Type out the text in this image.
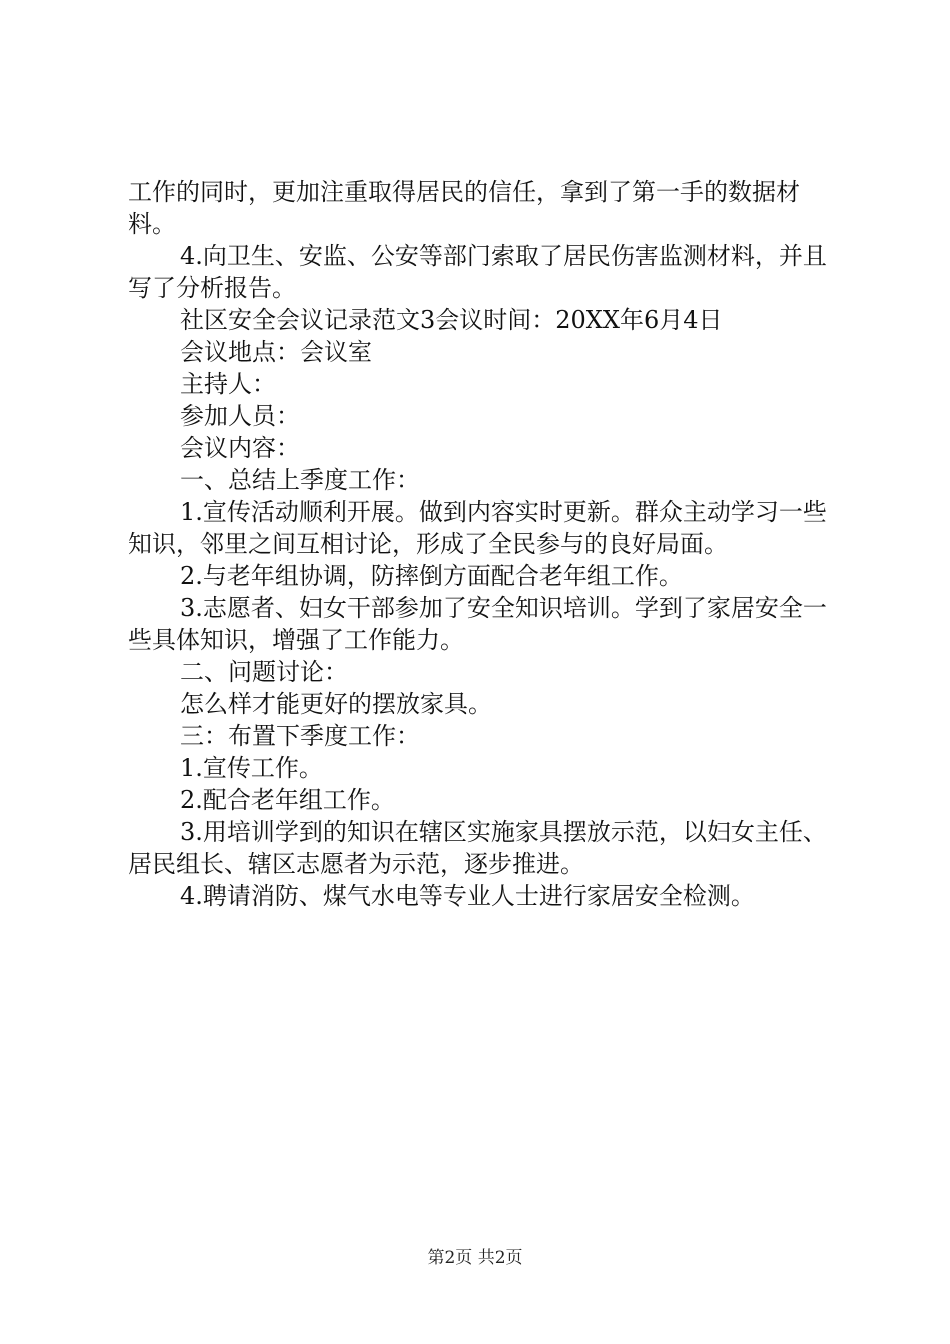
工作的同时，更加注重取得居民的信任，拿到了第一手的数据材料。

4.向卫生、安监、公安等部门索取了居民伤害监测材料，并且写了分析报告。

社区安全会议记录范文3会议时间：20XX年6月4日

会议地点：会议室

主持人：

参加人员：

会议内容：

一、总结上季度工作：

1.宣传活动顺利开展。做到内容实时更新。群众主动学习一些知识，邻里之间互相讨论，形成了全民参与的良好局面。

2.与老年组协调，防摔倒方面配合老年组工作。

3.志愿者、妇女干部参加了安全知识培训。学到了家居安全一些具体知识，增强了工作能力。

二、问题讨论：

怎么样才能更好的摆放家具。

三：布置下季度工作：

1.宣传工作。

2.配合老年组工作。

3.用培训学到的知识在辖区实施家具摆放示范，以妇女主任、居民组长、辖区志愿者为示范，逐步推进。

4.聘请消防、煤气水电等专业人士进行家居安全检测。

第2页 共2页
